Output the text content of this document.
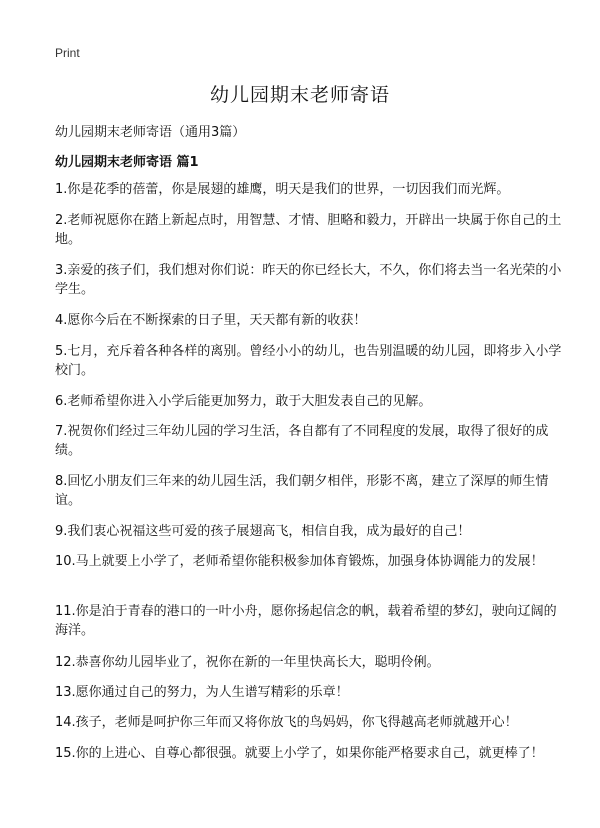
Print
幼儿园期末老师寄语

幼儿园期末老师寄语（通用3篇）

幼儿园期末老师寄语 篇1
1.你是花季的蓓蕾，你是展翅的雄鹰，明天是我们的世界，一切因我们而光辉。
2.老师祝愿你在踏上新起点时，用智慧、才情、胆略和毅力，开辟出一块属于你自己的土地。
3.亲爱的孩子们，我们想对你们说：昨天的你已经长大，不久，你们将去当一名光荣的小学生。
4.愿你今后在不断探索的日子里，天天都有新的收获！
5.七月，充斥着各种各样的离别。曾经小小的幼儿，也告别温暖的幼儿园，即将步入小学校门。
6.老师希望你进入小学后能更加努力，敢于大胆发表自己的见解。
7.祝贺你们经过三年幼儿园的学习生活，各自都有了不同程度的发展，取得了很好的成绩。
8.回忆小朋友们三年来的幼儿园生活，我们朝夕相伴，形影不离，建立了深厚的师生情谊。
9.我们衷心祝福这些可爱的孩子展翅高飞，相信自我，成为最好的自己！
10.马上就要上小学了，老师希望你能积极参加体育锻炼，加强身体协调能力的发展！
11.你是泊于青春的港口的一叶小舟，愿你扬起信念的帆，载着希望的梦幻，驶向辽阔的海洋。
12.恭喜你幼儿园毕业了，祝你在新的一年里快高长大，聪明伶俐。
13.愿你通过自己的努力，为人生谱写精彩的乐章！
14.孩子，老师是呵护你三年而又将你放飞的鸟妈妈，你飞得越高老师就越开心！
15.你的上进心、自尊心都很强。就要上小学了，如果你能严格要求自己，就更棒了！
